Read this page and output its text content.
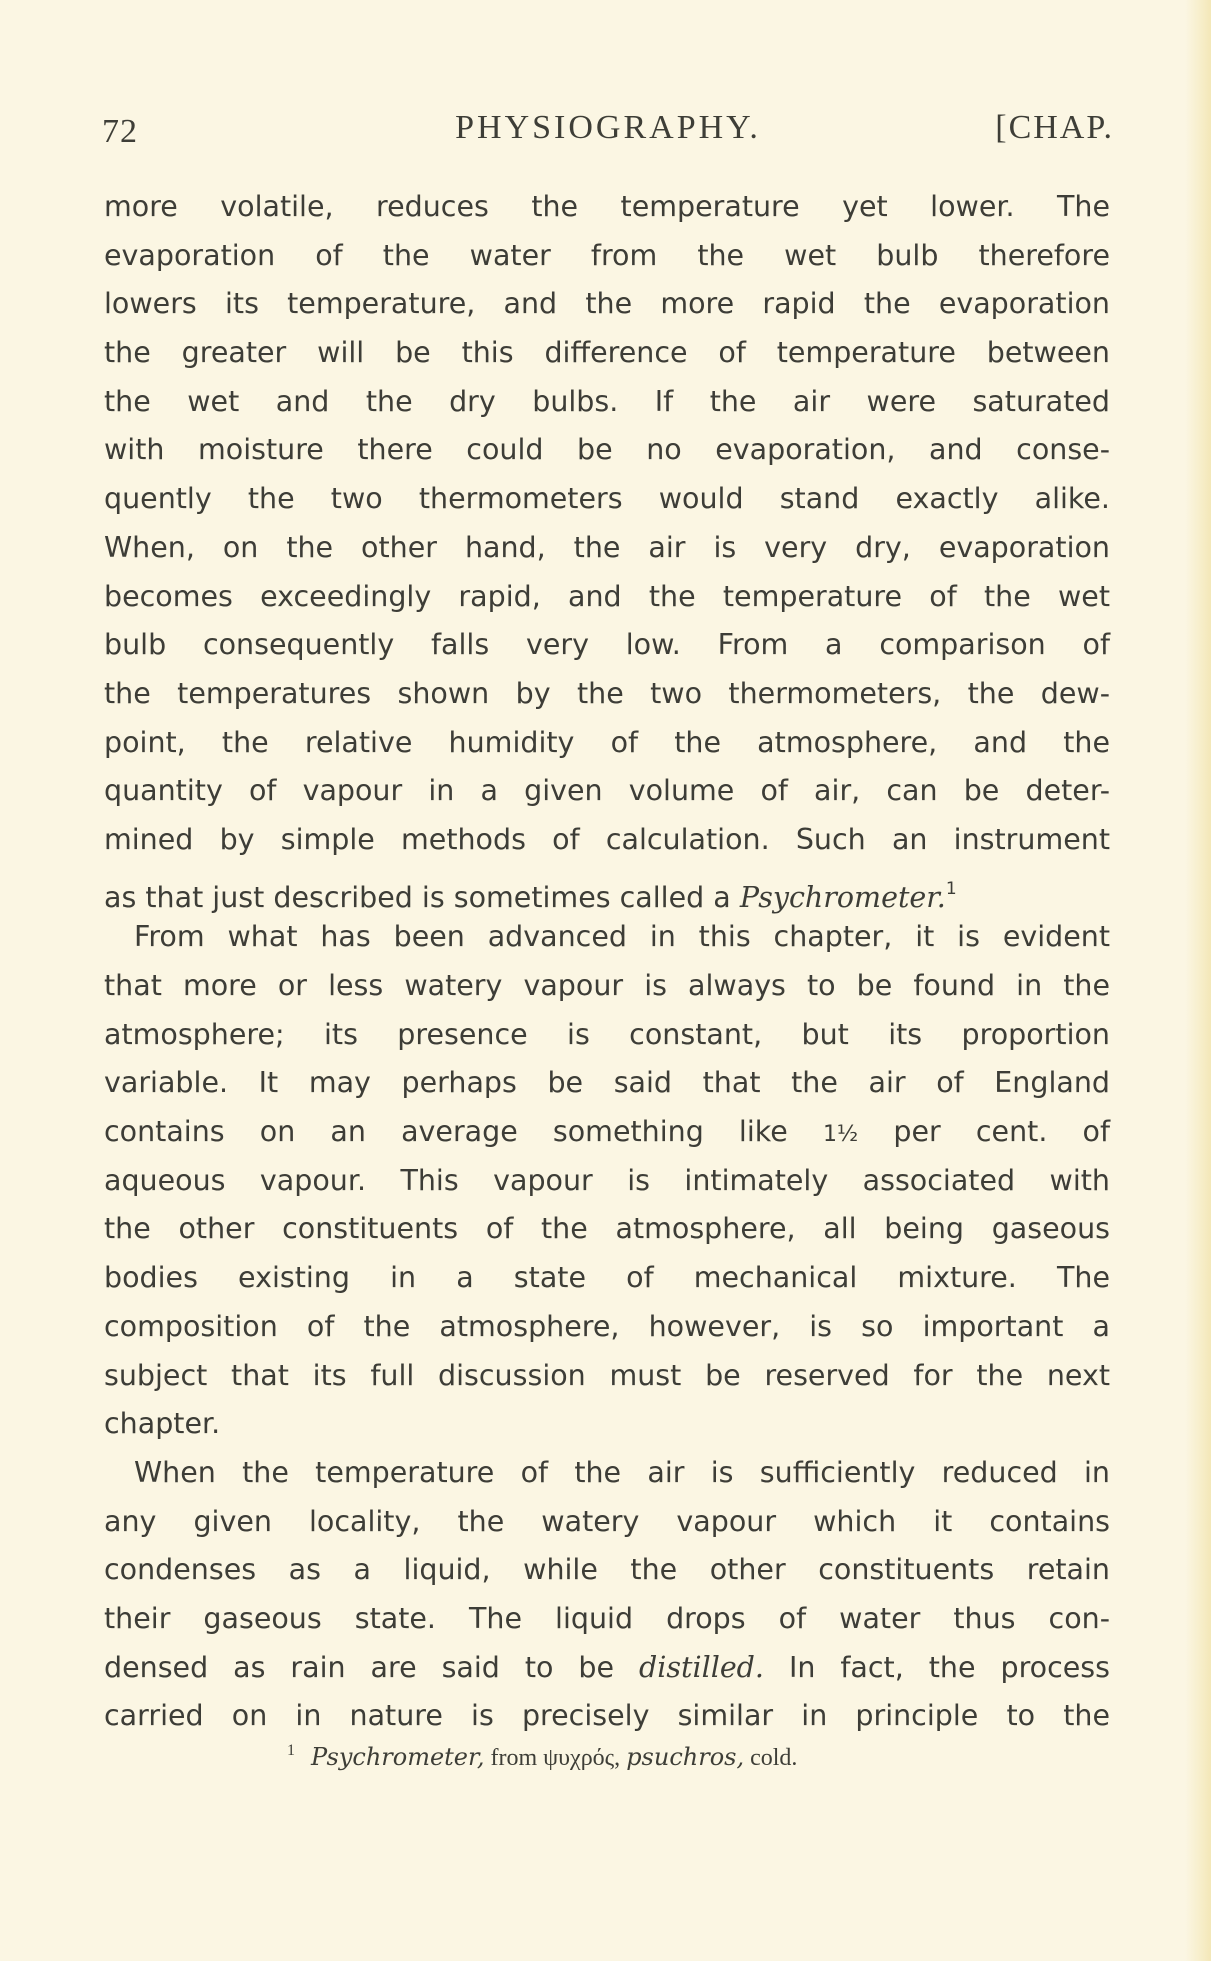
72	PHYSIOGRAPHY.	[CHAP.
more volatile, reduces the temperature yet lower. The
evaporation of the water from the wet bulb therefore
lowers its temperature, and the more rapid the evaporation
the greater will be this difference of temperature between
the wet and the dry bulbs. If the air were saturated
with moisture there could be no evaporation, and conse-
quently the two thermometers would stand exactly alike.
When, on the other hand, the air is very dry, evaporation
becomes exceedingly rapid, and the temperature of the wet
bulb consequently falls very low. From a comparison of
the temperatures shown by the two thermometers, the dew-
point, the relative humidity of the atmosphere, and the
quantity of vapour in a given volume of air, can be deter-
mined by simple methods of calculation. Such an instrument
as that just described is sometimes called a Psychrometer.$^1$
From what has been advanced in this chapter, it is evident
that more or less watery vapour is always to be found in the
atmosphere; its presence is constant, but its proportion
variable. It may perhaps be said that the air of England
contains on an average something like 1½ per cent. of
aqueous vapour. This vapour is intimately associated with
the other constituents of the atmosphere, all being gaseous
bodies existing in a state of mechanical mixture. The
composition of the atmosphere, however, is so important a
subject that its full discussion must be reserved for the next
chapter.
When the temperature of the air is sufficiently reduced in
any given locality, the watery vapour which it contains
condenses as a liquid, while the other constituents retain
their gaseous state. The liquid drops of water thus con-
densed as rain are said to be distilled. In fact, the process
carried on in nature is precisely similar in principle to the
$^1$ Psychrometer, from ψυχρός, psuchros, cold.
